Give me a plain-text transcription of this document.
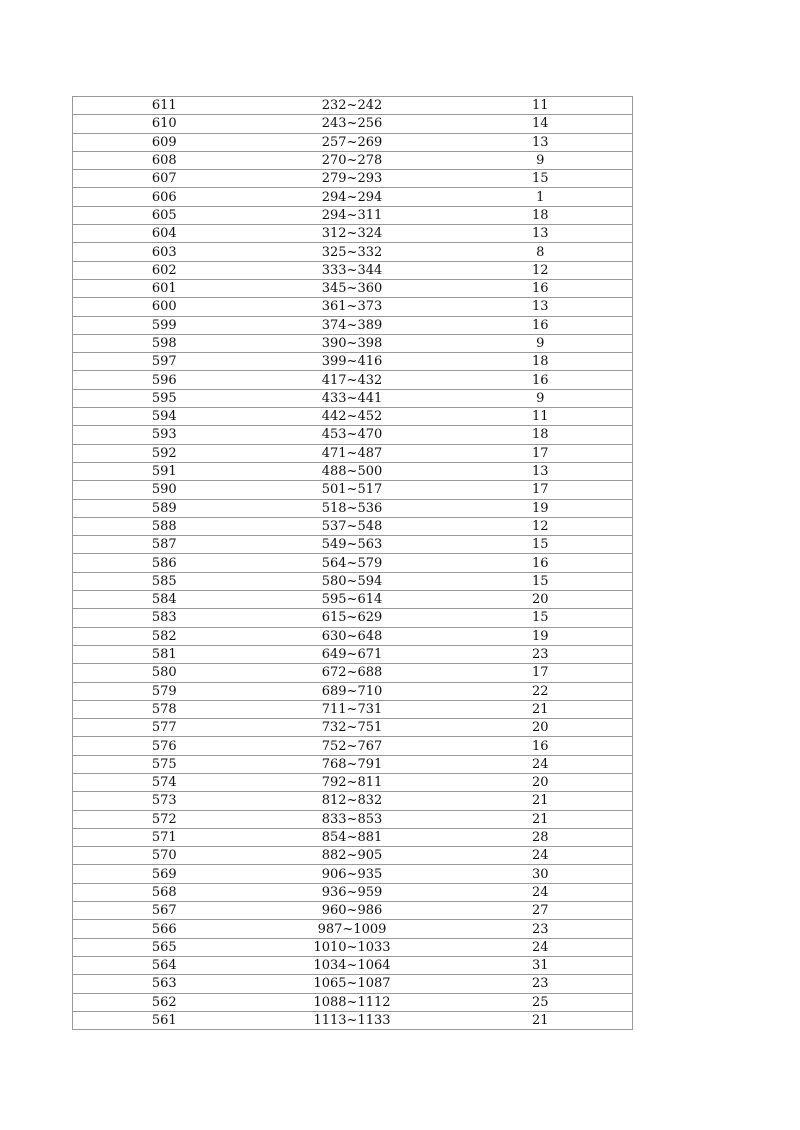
611	232~242	11
610	243~256	14
609	257~269	13
608	270~278	9
607	279~293	15
606	294~294	1
605	294~311	18
604	312~324	13
603	325~332	8
602	333~344	12
601	345~360	16
600	361~373	13
599	374~389	16
598	390~398	9
597	399~416	18
596	417~432	16
595	433~441	9
594	442~452	11
593	453~470	18
592	471~487	17
591	488~500	13
590	501~517	17
589	518~536	19
588	537~548	12
587	549~563	15
586	564~579	16
585	580~594	15
584	595~614	20
583	615~629	15
582	630~648	19
581	649~671	23
580	672~688	17
579	689~710	22
578	711~731	21
577	732~751	20
576	752~767	16
575	768~791	24
574	792~811	20
573	812~832	21
572	833~853	21
571	854~881	28
570	882~905	24
569	906~935	30
568	936~959	24
567	960~986	27
566	987~1009	23
565	1010~1033	24
564	1034~1064	31
563	1065~1087	23
562	1088~1112	25
561	1113~1133	21
